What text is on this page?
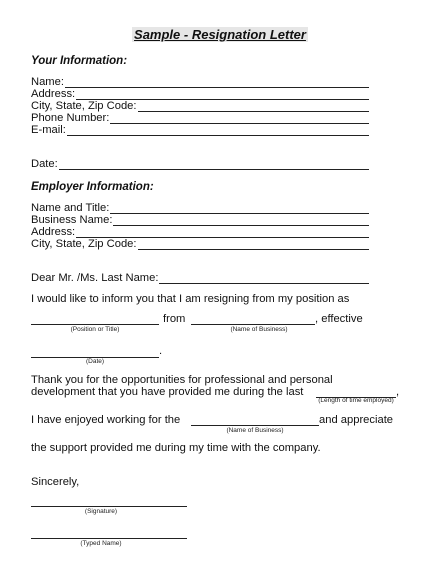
Sample - Resignation Letter
Your Information:
Name:
Address:
City, State, Zip Code:
Phone Number:
E-mail:
Date:
Employer Information:
Name and Title:
Business Name:
Address:
City, State, Zip Code:
Dear Mr. /Ms. Last Name:
I would like to inform you that I am resigning from my position as
from	, effective
(Position or Title)	(Name of Business)
.
(Date)
Thank you for the opportunities for professional and personal
development that you have provided me during the last	,
(Length of time employed)
I have enjoyed working for the	and appreciate
(Name of Business)
the support provided me during my time with the company.
Sincerely,
(Signature)
(Typed Name)
